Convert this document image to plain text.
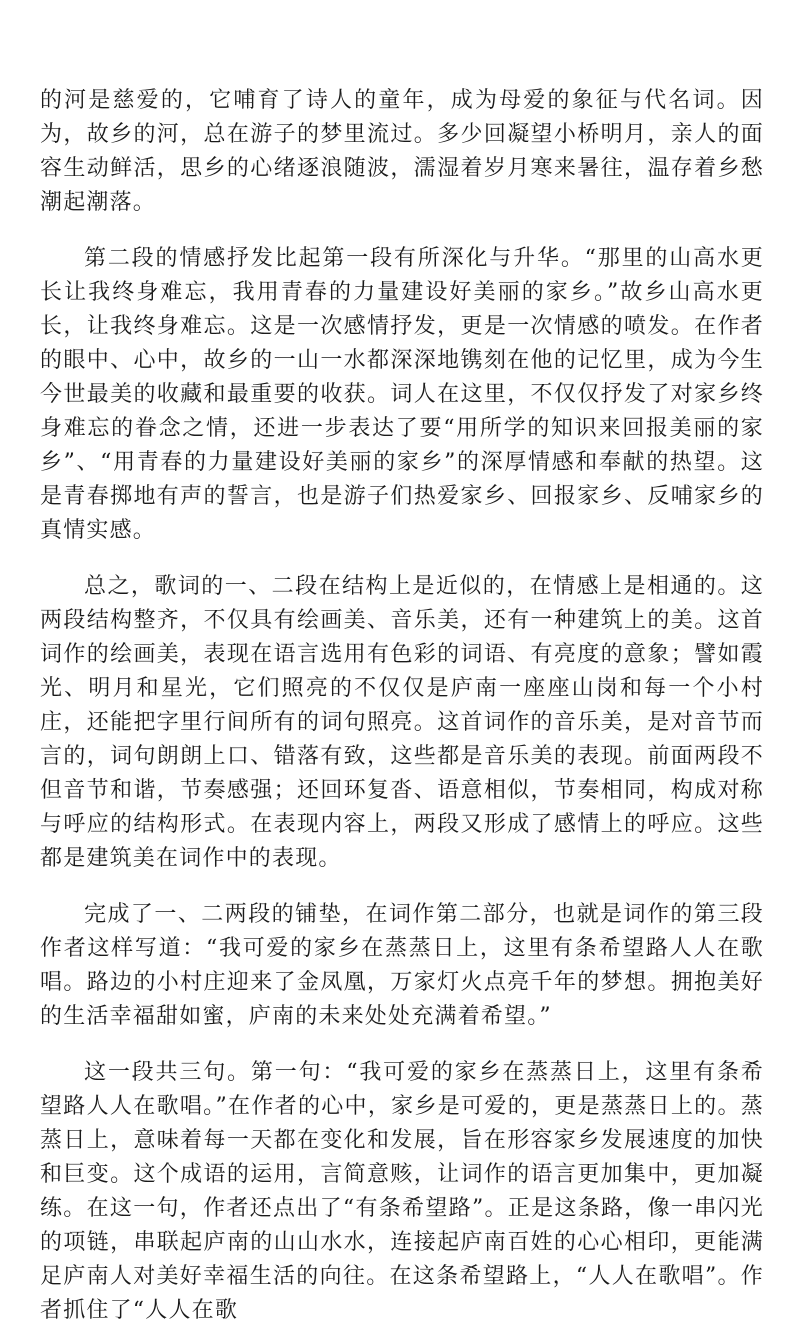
的河是慈爱的，它哺育了诗人的童年，成为母爱的象征与代名词。因为，故乡的河，总在游子的梦里流过。多少回凝望小桥明月，亲人的面容生动鲜活，思乡的心绪逐浪随波，濡湿着岁月寒来暑往，温存着乡愁潮起潮落。

第二段的情感抒发比起第一段有所深化与升华。“那里的山高水更长让我终身难忘，我用青春的力量建设好美丽的家乡。”故乡山高水更长，让我终身难忘。这是一次感情抒发，更是一次情感的喷发。在作者的眼中、心中，故乡的一山一水都深深地镌刻在他的记忆里，成为今生今世最美的收藏和最重要的收获。词人在这里，不仅仅抒发了对家乡终身难忘的眷念之情，还进一步表达了要“用所学的知识来回报美丽的家乡”、“用青春的力量建设好美丽的家乡”的深厚情感和奉献的热望。这是青春掷地有声的誓言，也是游子们热爱家乡、回报家乡、反哺家乡的真情实感。

总之，歌词的一、二段在结构上是近似的，在情感上是相通的。这两段结构整齐，不仅具有绘画美、音乐美，还有一种建筑上的美。这首词作的绘画美，表现在语言选用有色彩的词语、有亮度的意象；譬如霞光、明月和星光，它们照亮的不仅仅是庐南一座座山岗和每一个小村庄，还能把字里行间所有的词句照亮。这首词作的音乐美，是对音节而言的，词句朗朗上口、错落有致，这些都是音乐美的表现。前面两段不但音节和谐，节奏感强；还回环复沓、语意相似，节奏相同，构成对称与呼应的结构形式。在表现内容上，两段又形成了感情上的呼应。这些都是建筑美在词作中的表现。

完成了一、二两段的铺垫，在词作第二部分，也就是词作的第三段作者这样写道：“我可爱的家乡在蒸蒸日上，这里有条希望路人人在歌唱。路边的小村庄迎来了金凤凰，万家灯火点亮千年的梦想。拥抱美好的生活幸福甜如蜜，庐南的未来处处充满着希望。”

这一段共三句。第一句：“我可爱的家乡在蒸蒸日上，这里有条希望路人人在歌唱。”在作者的心中，家乡是可爱的，更是蒸蒸日上的。蒸蒸日上，意味着每一天都在变化和发展，旨在形容家乡发展速度的加快和巨变。这个成语的运用，言简意赅，让词作的语言更加集中，更加凝练。在这一句，作者还点出了“有条希望路”。正是这条路，像一串闪光的项链，串联起庐南的山山水水，连接起庐南百姓的心心相印，更能满足庐南人对美好幸福生活的向往。在这条希望路上，“人人在歌唱”。作者抓住了“人人在歌
